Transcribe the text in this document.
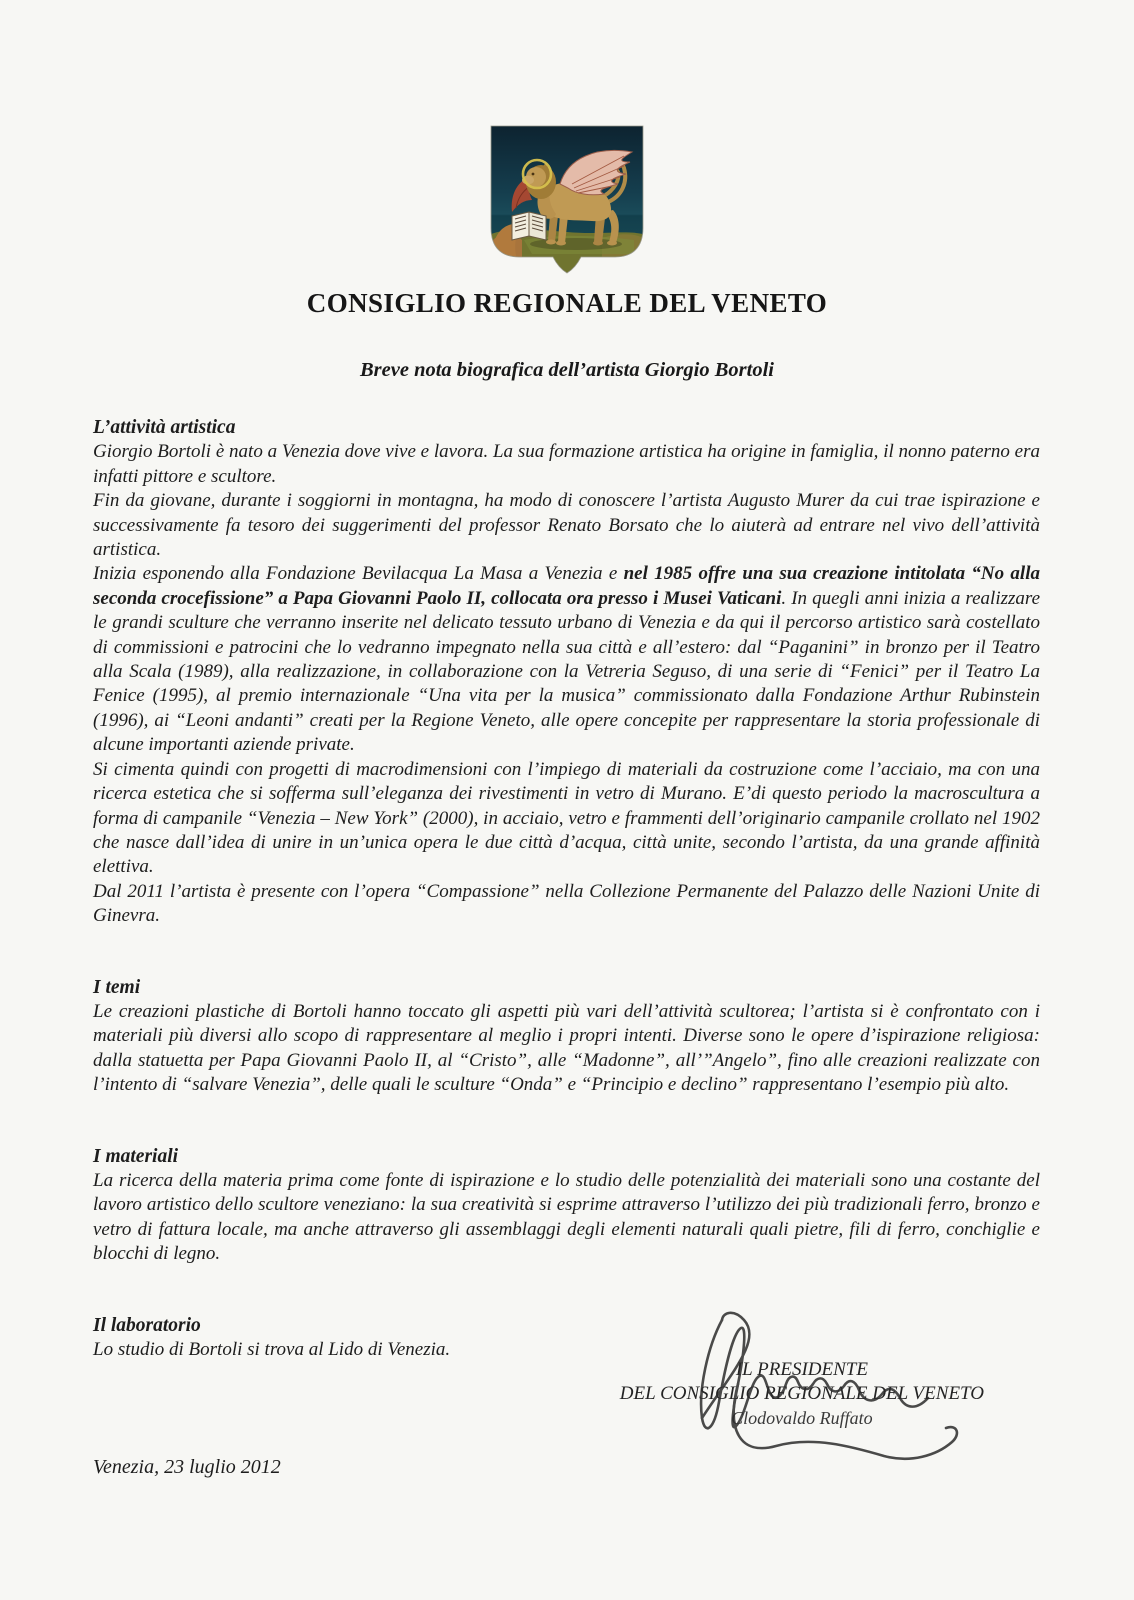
CONSIGLIO REGIONALE DEL VENETO
Breve nota biografica dell’artista Giorgio Bortoli
L’attività artistica

Giorgio Bortoli è nato a Venezia dove vive e lavora. La sua formazione artistica ha origine in famiglia, il nonno paterno era infatti pittore e scultore.

Fin da giovane, durante i soggiorni in montagna, ha modo di conoscere l’artista Augusto Murer da cui trae ispirazione e successivamente fa tesoro dei suggerimenti del professor Renato Borsato che lo aiuterà ad entrare nel vivo dell’attività artistica.

Inizia esponendo alla Fondazione Bevilacqua La Masa a Venezia e nel 1985 offre una sua creazione intitolata “No alla seconda crocefissione” a Papa Giovanni Paolo II, collocata ora presso i Musei Vaticani. In quegli anni inizia a realizzare le grandi sculture che verranno inserite nel delicato tessuto urbano di Venezia e da qui il percorso artistico sarà costellato di commissioni e patrocini che lo vedranno impegnato nella sua città e all’estero: dal “Paganini” in bronzo per il Teatro alla Scala (1989), alla realizzazione, in collaborazione con la Vetreria Seguso, di una serie di “Fenici” per il Teatro La Fenice (1995), al premio internazionale “Una vita per la musica” commissionato dalla Fondazione Arthur Rubinstein (1996), ai “Leoni andanti” creati per la Regione Veneto, alle opere concepite per rappresentare la storia professionale di alcune importanti aziende private.

Si cimenta quindi con progetti di macrodimensioni con l’impiego di materiali da costruzione come l’acciaio, ma con una ricerca estetica che si sofferma sull’eleganza dei rivestimenti in vetro di Murano. E’di questo periodo la macroscultura a forma di campanile “Venezia – New York” (2000), in acciaio, vetro e frammenti dell’originario campanile crollato nel 1902 che nasce dall’idea di unire in un’unica opera le due città d’acqua, città unite, secondo l’artista, da una grande affinità elettiva.

Dal 2011 l’artista è presente con l’opera “Compassione” nella Collezione Permanente del Palazzo delle Nazioni Unite di Ginevra.

I temi

Le creazioni plastiche di Bortoli hanno toccato gli aspetti più vari dell’attività scultorea; l’artista si è confrontato con i materiali più diversi allo scopo di rappresentare al meglio i propri intenti. Diverse sono le opere d’ispirazione religiosa: dalla statuetta per Papa Giovanni Paolo II, al “Cristo”, alle “Madonne”, all’”Angelo”, fino alle creazioni realizzate con l’intento di “salvare Venezia”, delle quali le sculture “Onda” e “Principio e declino” rappresentano l’esempio più alto.

I materiali

La ricerca della materia prima come fonte di ispirazione e lo studio delle potenzialità dei materiali sono una costante del lavoro artistico dello scultore veneziano: la sua creatività si esprime attraverso l’utilizzo dei più tradizionali ferro, bronzo e vetro di fattura locale, ma anche attraverso gli assemblaggi degli elementi naturali quali pietre, fili di ferro, conchiglie e blocchi di legno.

Il laboratorio

Lo studio di Bortoli si trova al Lido di Venezia.

IL PRESIDENTE
DEL CONSIGLIO REGIONALE DEL VENETO
Clodovaldo Ruffato
Venezia, 23 luglio 2012
